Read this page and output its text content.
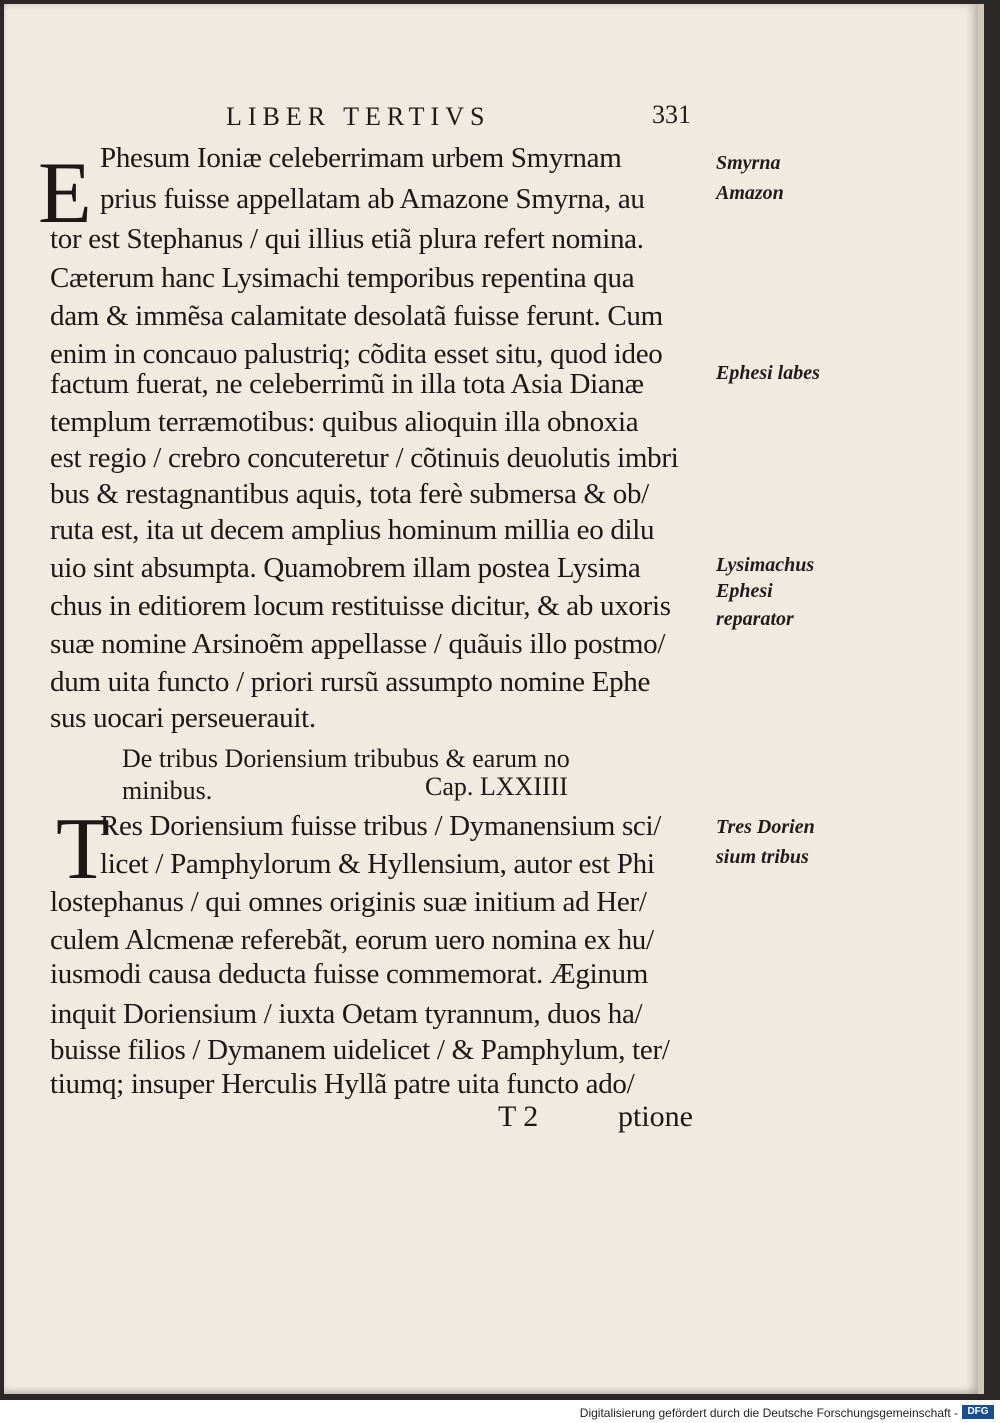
LIBER TERTIVS	331
E Phesum Ioniæ celeberrimam urbem Smyrnam
prius fuisse appellatam ab Amazone Smyrna, au
tor est Stephanus / qui illius etiã plura refert nomina.
Cæterum hanc Lysimachi temporibus repentina qua
dam & immẽsa calamitate desolatã fuisse ferunt. Cum
enim in concauo palustriq; cõdita esset situ, quod ideo
factum fuerat, ne celeberrimũ in illa tota Asia Dianæ
templum terræmotibus: quibus alioquin illa obnoxia
est regio / crebro concuteretur / cõtinuis deuolutis imbri
bus & restagnantibus aquis, tota ferè submersa & ob/
ruta est, ita ut decem amplius hominum millia eo dilu
uio sint absumpta. Quamobrem illam postea Lysima
chus in editiorem locum restituisse dicitur, & ab uxoris
suæ nomine Arsinoẽm appellasse / quãuis illo postmo/
dum uita functo / priori rursũ assumpto nomine Ephe
sus uocari perseuerauit.
De tribus Doriensium tribubus & earum no
minibus.	Cap. LXXIIII
T
Res Doriensium fuisse tribus / Dymanensium sci/
licet / Pamphylorum & Hyllensium, autor est Phi
lostephanus / qui omnes originis suæ initium ad Her/
culem Alcmenæ referebãt, eorum uero nomina ex hu/
iusmodi causa deducta fuisse commemorat. Æginum
inquit Doriensium / iuxta Oetam tyrannum, duos ha/
buisse filios / Dymanem uidelicet / & Pamphylum, ter/
tiumq; insuper Herculis Hyllã patre uita functo ado/
T 2	ptione
Smyrna
Amazon
Ephesi labes
Lysimachus
Ephesi
reparator
Tres Dorien
sium tribus
Digitalisierung gefördert durch die Deutsche Forschungsgemeinschaft - DFG
